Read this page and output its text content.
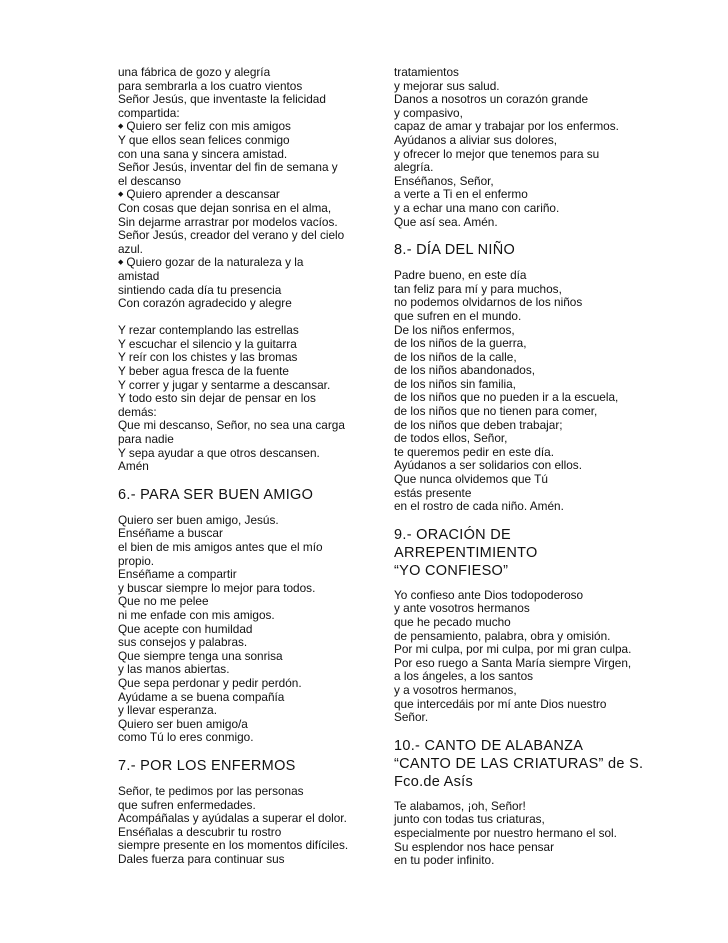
una fábrica de gozo y alegría
para sembrarla a los cuatro vientos
Señor Jesús, que inventaste la felicidad
compartida:
◆ Quiero ser feliz con mis amigos
Y que ellos sean felices conmigo
con una sana y sincera amistad.
Señor Jesús, inventar del fin de semana y
el descanso
◆ Quiero aprender a descansar
Con cosas que dejan sonrisa en el alma,
Sin dejarme arrastrar por modelos vacíos.
Señor Jesús, creador del verano y del cielo
azul.
◆ Quiero gozar de la naturaleza y la
amistad
sintiendo cada día tu presencia
Con corazón agradecido y alegre
Y rezar contemplando las estrellas
Y escuchar el silencio y la guitarra
Y reír con los chistes y las bromas
Y beber agua fresca de la fuente
Y correr y jugar y sentarme a descansar.
Y todo esto sin dejar de pensar en los
demás:
Que mi descanso, Señor, no sea una carga
para nadie
Y sepa ayudar a que otros descansen.
Amén
6.- PARA SER BUEN AMIGO
Quiero ser buen amigo, Jesús.
Enséñame a buscar
el bien de mis amigos antes que el mío
propio.
Enséñame a compartir
y buscar siempre lo mejor para todos.
Que no me pelee
ni me enfade con mis amigos.
Que acepte con humildad
sus consejos y palabras.
Que siempre tenga una sonrisa
y las manos abiertas.
Que sepa perdonar y pedir perdón.
Ayúdame a se buena compañía
y llevar esperanza.
Quiero ser buen amigo/a
como Tú lo eres conmigo.
7.- POR LOS ENFERMOS
Señor, te pedimos por las personas
que sufren enfermedades.
Acompáñalas y ayúdalas a superar el dolor.
Enséñalas a descubrir tu rostro
siempre presente en los momentos difíciles.
Dales fuerza para continuar sus
tratamientos
y mejorar sus salud.
Danos a nosotros un corazón grande
y compasivo,
capaz de amar y trabajar por los enfermos.
Ayúdanos a aliviar sus dolores,
y ofrecer lo mejor que tenemos para su
alegría.
Enséñanos, Señor,
a verte a Ti en el enfermo
y a echar una mano con cariño.
Que así sea. Amén.
8.- DÍA DEL NIÑO
Padre bueno, en este día
tan feliz para mí y para muchos,
no podemos olvidarnos de los niños
que sufren en el mundo.
De los niños enfermos,
de los niños de la guerra,
de los niños de la calle,
de los niños abandonados,
de los niños sin familia,
de los niños que no pueden ir a la escuela,
de los niños que no tienen para comer,
de los niños que deben trabajar;
de todos ellos, Señor,
te queremos pedir en este día.
Ayúdanos a ser solidarios con ellos.
Que nunca olvidemos que Tú
estás presente
en el rostro de cada niño. Amén.
9.- ORACIÓN DE
ARREPENTIMIENTO
“YO CONFIESO”
Yo confieso ante Dios todopoderoso
y ante vosotros hermanos
que he pecado mucho
de pensamiento, palabra, obra y omisión.
Por mi culpa, por mi culpa, por mi gran culpa.
Por eso ruego a Santa María siempre Virgen,
a los ángeles, a los santos
y a vosotros hermanos,
que intercedáis por mí ante Dios nuestro
Señor.
10.- CANTO DE ALABANZA
“CANTO DE LAS CRIATURAS” de S.
Fco.de Asís
Te alabamos, ¡oh, Señor!
junto con todas tus criaturas,
especialmente por nuestro hermano el sol.
Su esplendor nos hace pensar
en tu poder infinito.
